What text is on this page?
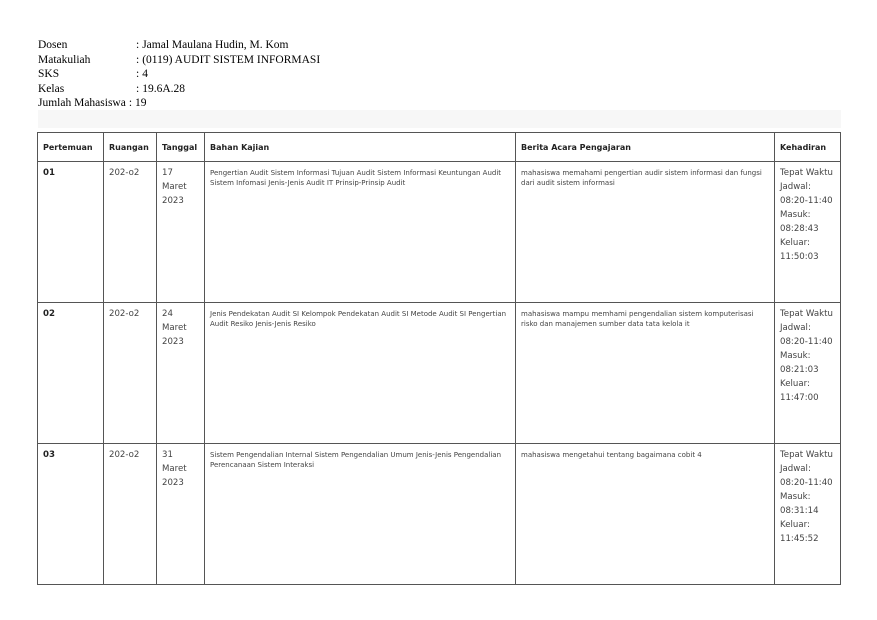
Dosen	: Jamal Maulana Hudin, M. Kom
Matakuliah	: (0119) AUDIT SISTEM INFORMASI
SKS	: 4
Kelas	: 19.6A.28
Jumlah Mahasiswa : 19
Pertemuan	Ruangan	Tanggal	Bahan Kajian	Berita Acara Pengajaran	Kehadiran
01	202-o2	17 Maret 2023	Pengertian Audit Sistem Informasi Tujuan Audit Sistem Informasi Keuntungan Audit Sistem Infomasi Jenis-Jenis Audit IT Prinsip-Prinsip Audit	mahasiswa memahami pengertian audir sistem informasi dan fungsi dari audit sistem informasi	Tepat Waktu Jadwal: 08:20-11:40 Masuk: 08:28:43 Keluar: 11:50:03
02	202-o2	24 Maret 2023	Jenis Pendekatan Audit SI Kelompok Pendekatan Audit SI Metode Audit SI Pengertian Audit Resiko Jenis-Jenis Resiko	mahasiswa mampu memhami pengendalian sistem komputerisasi risko dan manajemen sumber data tata kelola it	Tepat Waktu Jadwal: 08:20-11:40 Masuk: 08:21:03 Keluar: 11:47:00
03	202-o2	31 Maret 2023	Sistem Pengendalian Internal Sistem Pengendalian Umum Jenis-Jenis Pengendalian Perencanaan Sistem Interaksi	mahasiswa mengetahui tentang bagaimana cobit 4	Tepat Waktu Jadwal: 08:20-11:40 Masuk: 08:31:14 Keluar: 11:45:52
